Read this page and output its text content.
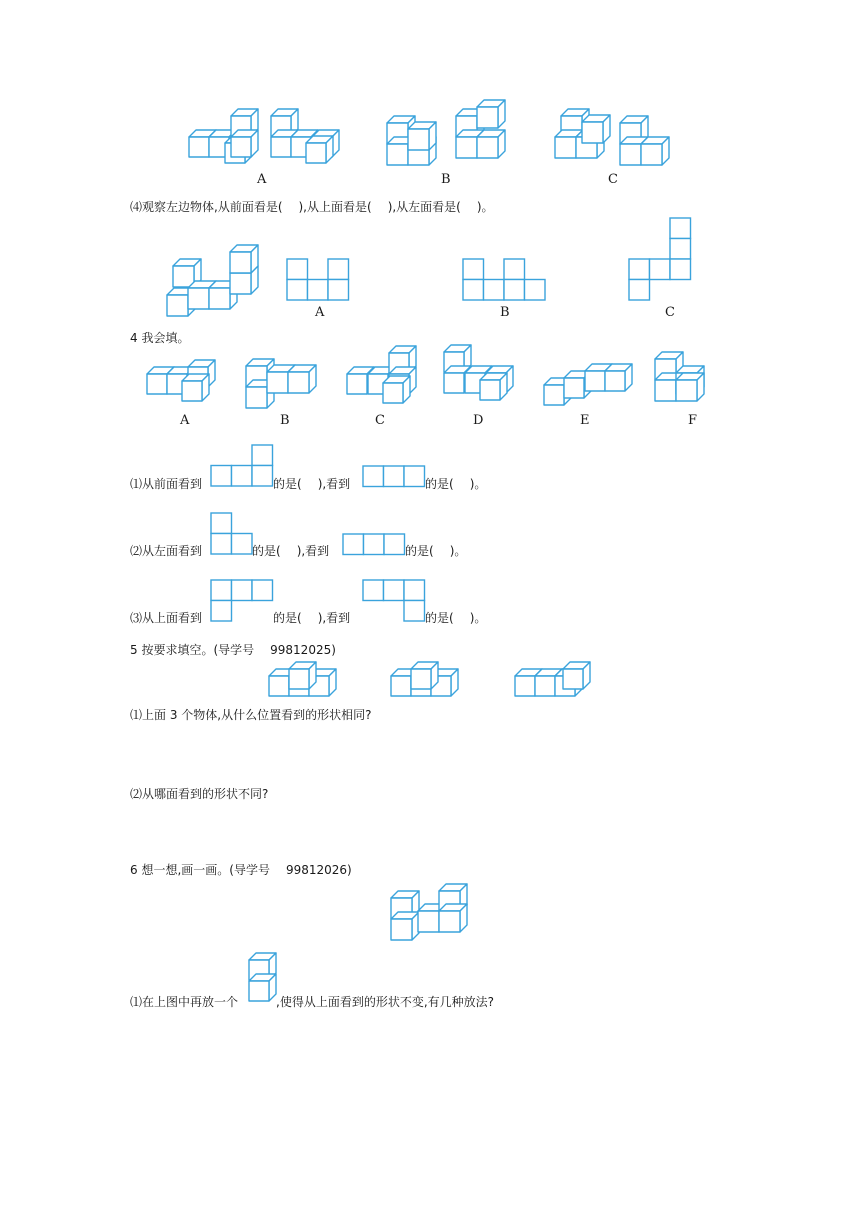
A	B	C
⑷观察左边物体,从前面看是( ),从上面看是( ),从左面看是( )。
A	B	C
4 我会填。
A	B	C	D	E	F
⑴从前面看到	的是( ),看到	的是( )。
⑵从左面看到	的是( ),看到	的是( )。
⑶从上面看到	的是( ),看到	的是( )。
5 按要求填空。(导学号 99812025)
⑴上面 3 个物体,从什么位置看到的形状相同?
⑵从哪面看到的形状不同?
6 想一想,画一画。(导学号 99812026)
⑴在上图中再放一个	,使得从上面看到的形状不变,有几种放法?
